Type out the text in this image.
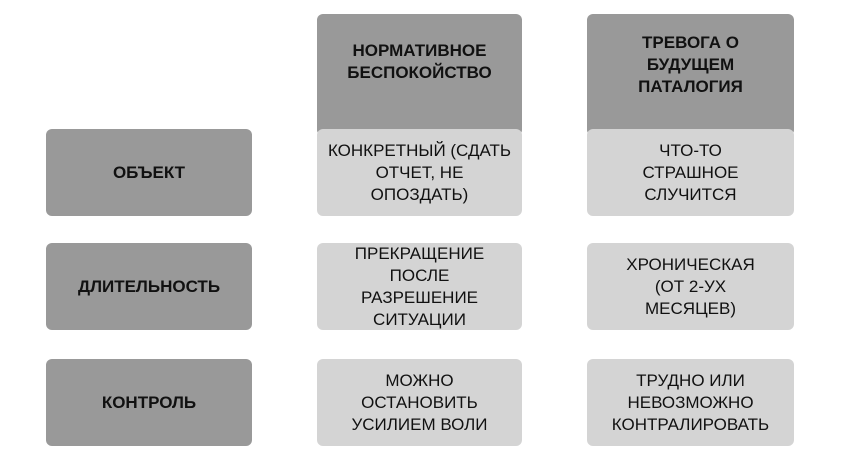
НОРМАТИВНОЕ БЕСПОКОЙСТВО
ТРЕВОГА О БУДУЩЕМ ПАТАЛОГИЯ
ОБЪЕКТ
ДЛИТЕЛЬНОСТЬ
КОНТРОЛЬ
КОНКРЕТНЫЙ (СДАТЬ ОТЧЕТ, НЕ ОПОЗДАТЬ)
ЧТО-ТО СТРАШНОЕ СЛУЧИТСЯ
ПРЕКРАЩЕНИЕ ПОСЛЕ РАЗРЕШЕНИЕ СИТУАЦИИ
ХРОНИЧЕСКАЯ (ОТ 2-УХ МЕСЯЦЕВ)
МОЖНО ОСТАНОВИТЬ УСИЛИЕМ ВОЛИ
ТРУДНО ИЛИ НЕВОЗМОЖНО КОНТРАЛИРОВАТЬ
